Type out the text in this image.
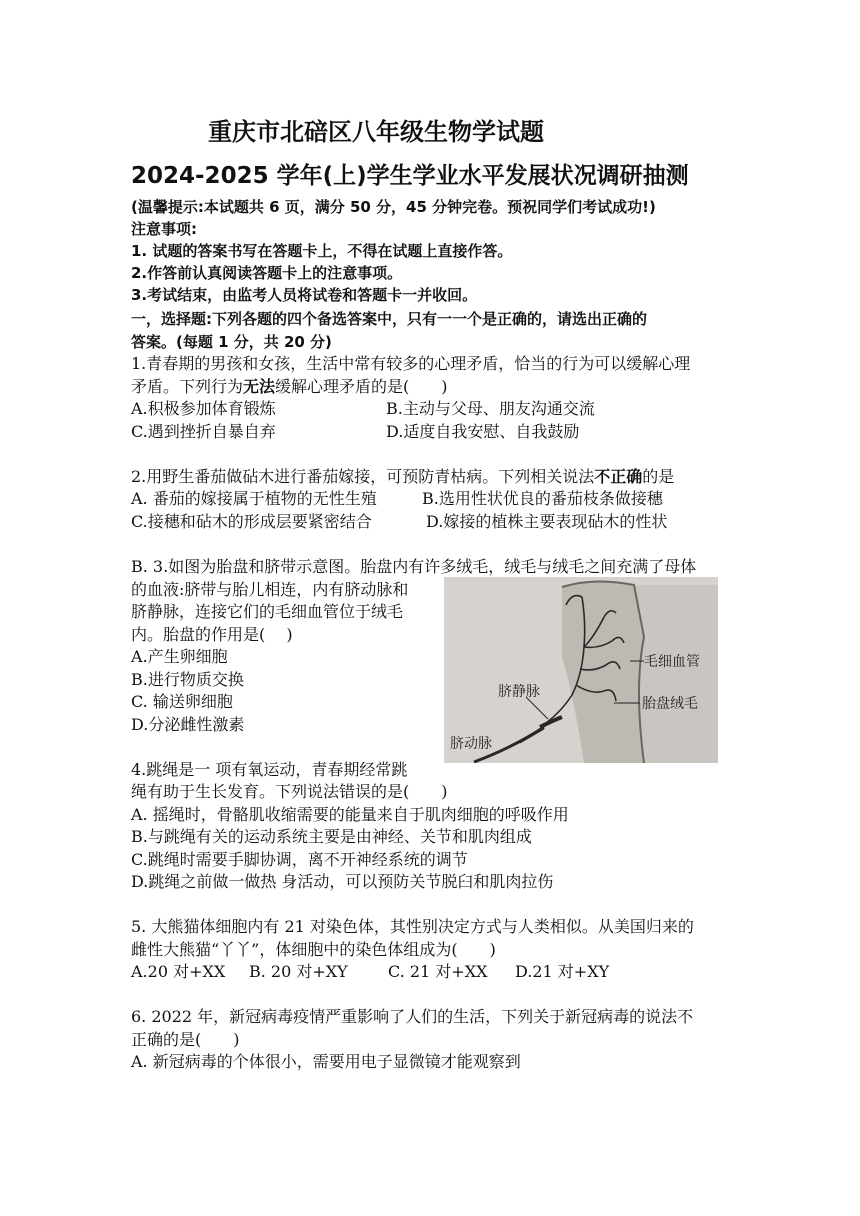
重庆市北碚区八年级生物学试题
2024-2025 学年(上)学生学业水平发展状况调研抽测
(温馨提示:本试题共 6 页，满分 50 分，45 分钟完卷。预祝同学们考试成功!)
注意事项:
1. 试题的答案书写在答题卡上，不得在试题上直接作答。
2.作答前认真阅读答题卡上的注意事项。
3.考试结束，由监考人员将试卷和答题卡一并收回。
一，选择题:下列各题的四个备选答案中，只有一一个是正确的，请选出正确的
答案。(每题 1 分，共 20 分)
1.青春期的男孩和女孩，生活中常有较多的心理矛盾，恰当的行为可以缓解心理
矛盾。下列行为无法缓解心理矛盾的是(　　)
A.积极参加体育锻炼	B.主动与父母、朋友沟通交流
C.遇到挫折自暴自弃	D.适度自我安慰、自我鼓励
2.用野生番茄做砧木进行番茄嫁接，可预防青枯病。下列相关说法不正确的是
A. 番茄的嫁接属于植物的无性生殖	B.选用性状优良的番茄枝条做接穗
C.接穗和砧木的形成层要紧密结合	D.嫁接的植株主要表现砧木的性状
B. 3.如图为胎盘和脐带示意图。胎盘内有许多绒毛，绒毛与绒毛之间充满了母体
的血液:脐带与胎儿相连，内有脐动脉和
脐静脉，连接它们的毛细血管位于绒毛
内。胎盘的作用是(　 )
A.产生卵细胞
B.进行物质交换
C. 输送卵细胞
D.分泌雌性激素
毛细血管
脐静脉
胎盘绒毛
脐动脉
4.跳绳是一 项有氧运动，青春期经常跳
绳有助于生长发育。下列说法错误的是(　　)
A. 摇绳时，骨骼肌收缩需要的能量来自于肌肉细胞的呼吸作用
B.与跳绳有关的运动系统主要是由神经、关节和肌肉组成
C.跳绳时需要手脚协调，离不开神经系统的调节
D.跳绳之前做一做热 身活动，可以预防关节脱臼和肌肉拉伤
5. 大熊猫体细胞内有 21 对染色体，其性别决定方式与人类相似。从美国归来的
雌性大熊猫“丫丫”，体细胞中的染色体组成为(　　)
A.20 对+XX B. 20 对+XY	C. 21 对+XX D.21 对+XY
6. 2022 年，新冠病毒疫情严重影响了人们的生活，下列关于新冠病毒的说法不
正确的是(　　)
A. 新冠病毒的个体很小，需要用电子显微镜才能观察到
